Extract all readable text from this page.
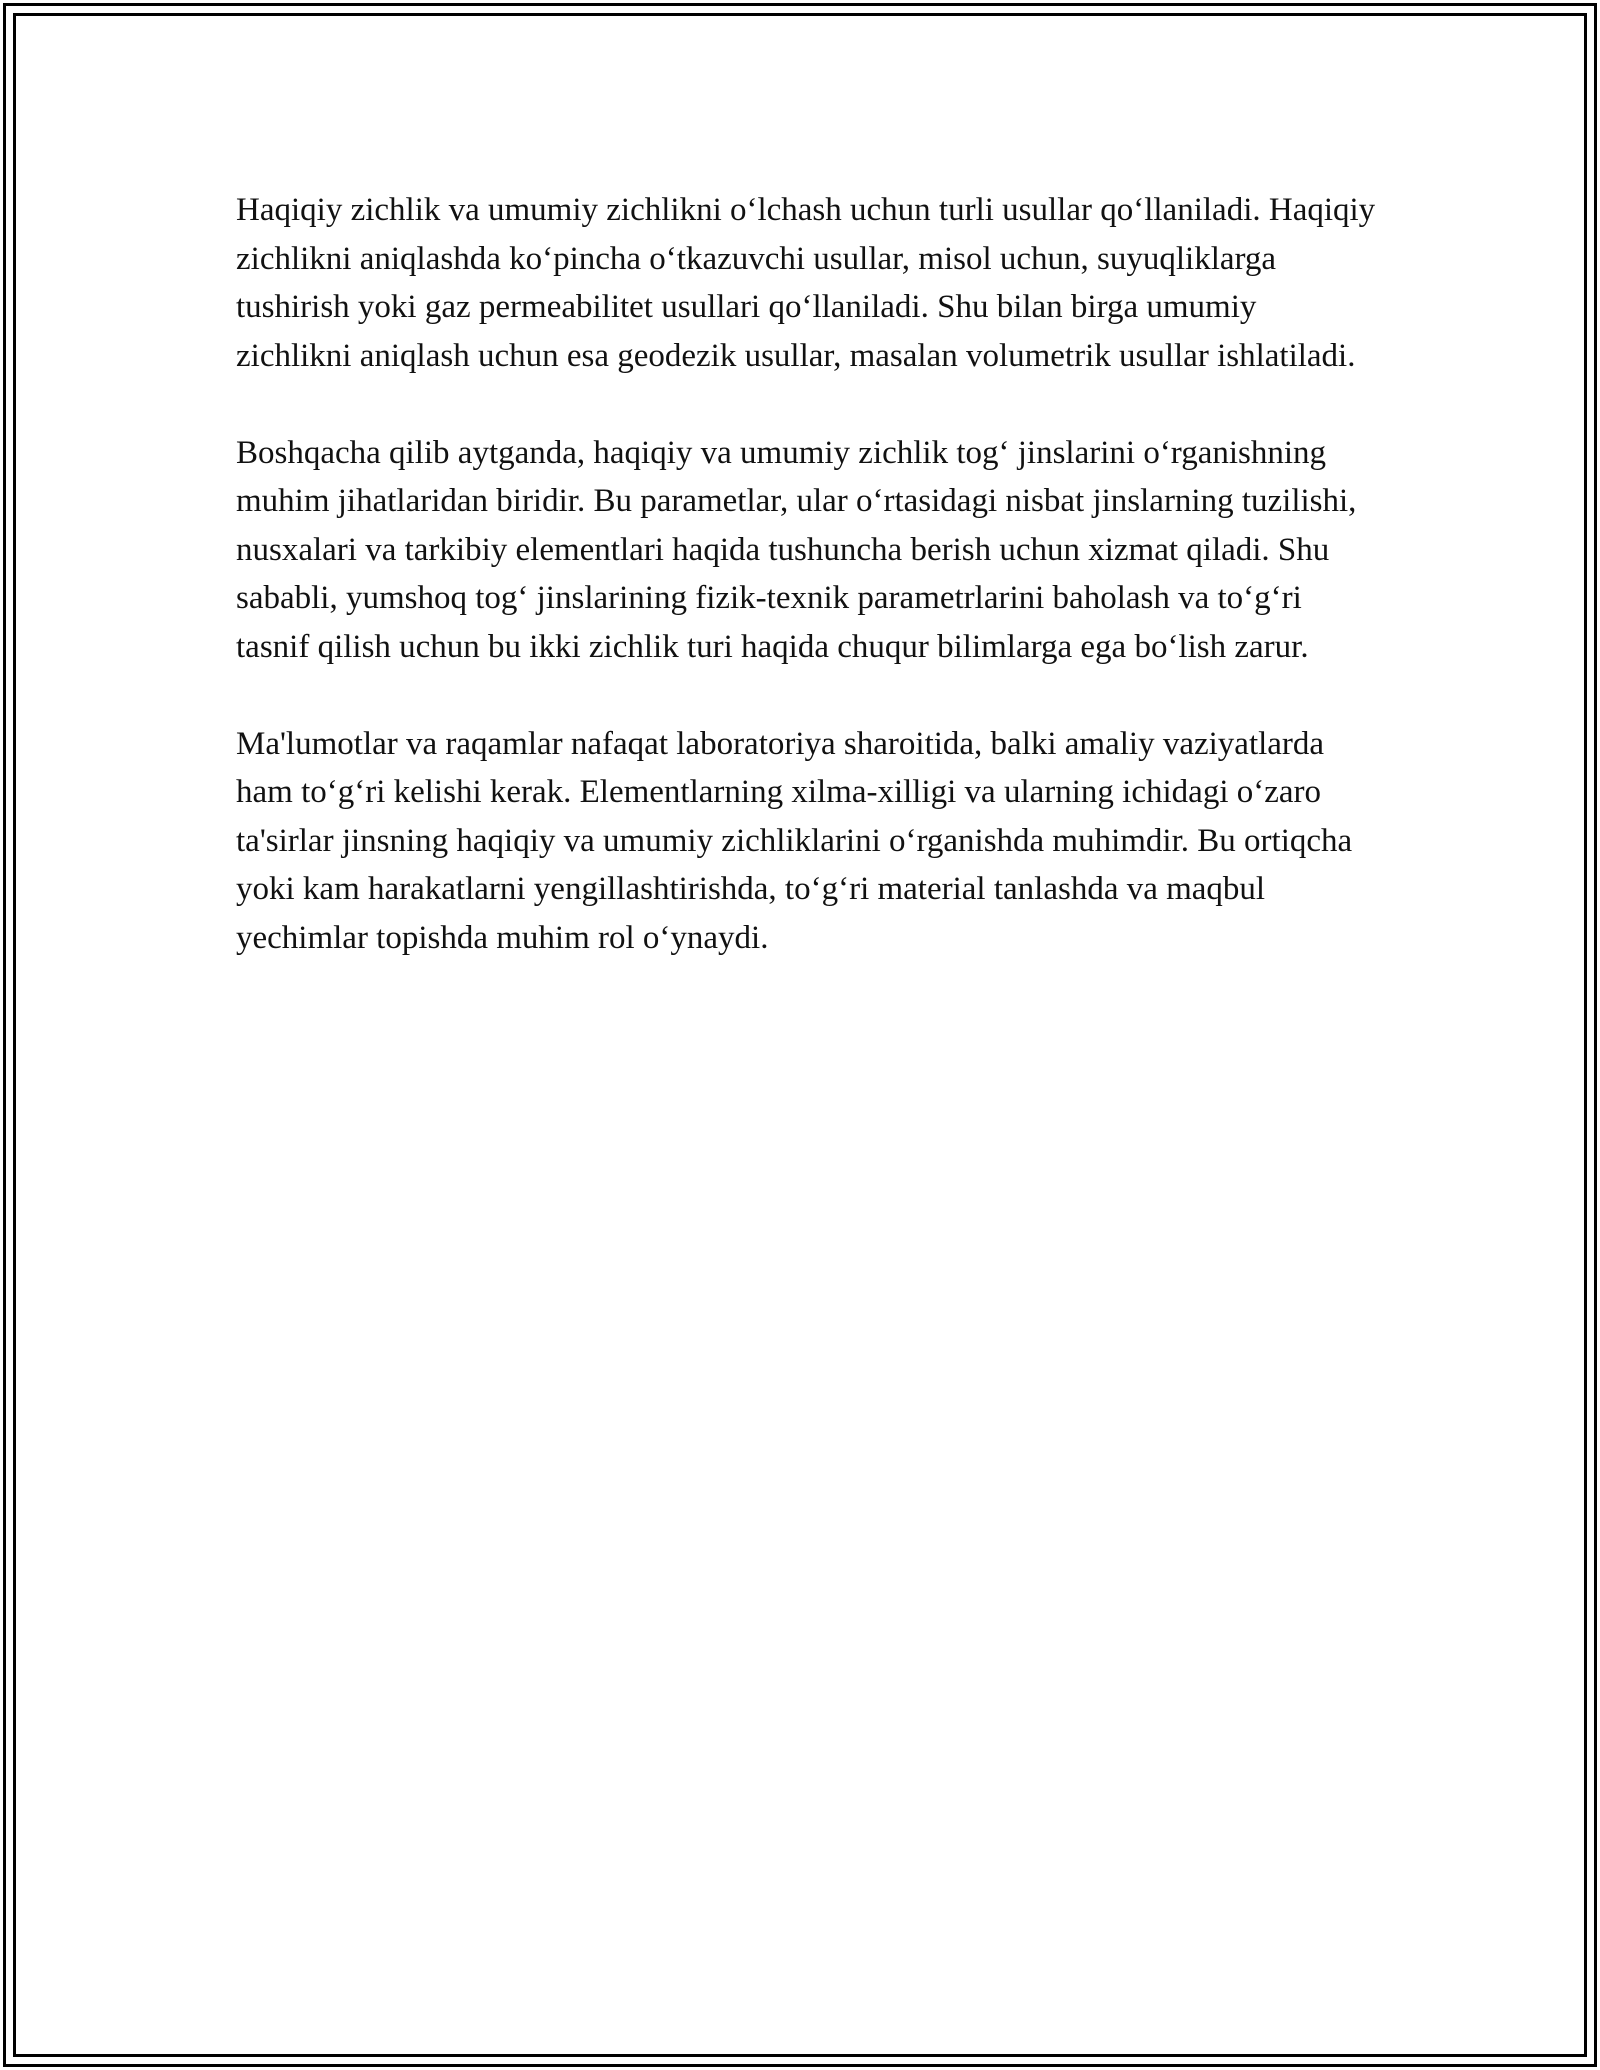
Haqiqiy zichlik va umumiy zichlikni o‘lchash uchun turli usullar qo‘llaniladi. Haqiqiy zichlikni aniqlashda ko‘pincha o‘tkazuvchi usullar, misol uchun, suyuqliklarga tushirish yoki gaz permeabilitet usullari qo‘llaniladi. Shu bilan birga umumiy zichlikni aniqlash uchun esa geodezik usullar, masalan volumetrik usullar ishlatiladi.

Boshqacha qilib aytganda, haqiqiy va umumiy zichlik tog‘ jinslarini o‘rganishning muhim jihatlaridan biridir. Bu parametlar, ular o‘rtasidagi nisbat jinslarning tuzilishi, nusxalari va tarkibiy elementlari haqida tushuncha berish uchun xizmat qiladi. Shu sababli, yumshoq tog‘ jinslarining fizik-texnik parametrlarini baholash va to‘g‘ri tasnif qilish uchun bu ikki zichlik turi haqida chuqur bilimlarga ega bo‘lish zarur.

Ma'lumotlar va raqamlar nafaqat laboratoriya sharoitida, balki amaliy vaziyatlarda ham to‘g‘ri kelishi kerak. Elementlarning xilma-xilligi va ularning ichidagi o‘zaro ta'sirlar jinsning haqiqiy va umumiy zichliklarini o‘rganishda muhimdir. Bu ortiqcha yoki kam harakatlarni yengillashtirishda, to‘g‘ri material tanlashda va maqbul yechimlar topishda muhim rol o‘ynaydi.
